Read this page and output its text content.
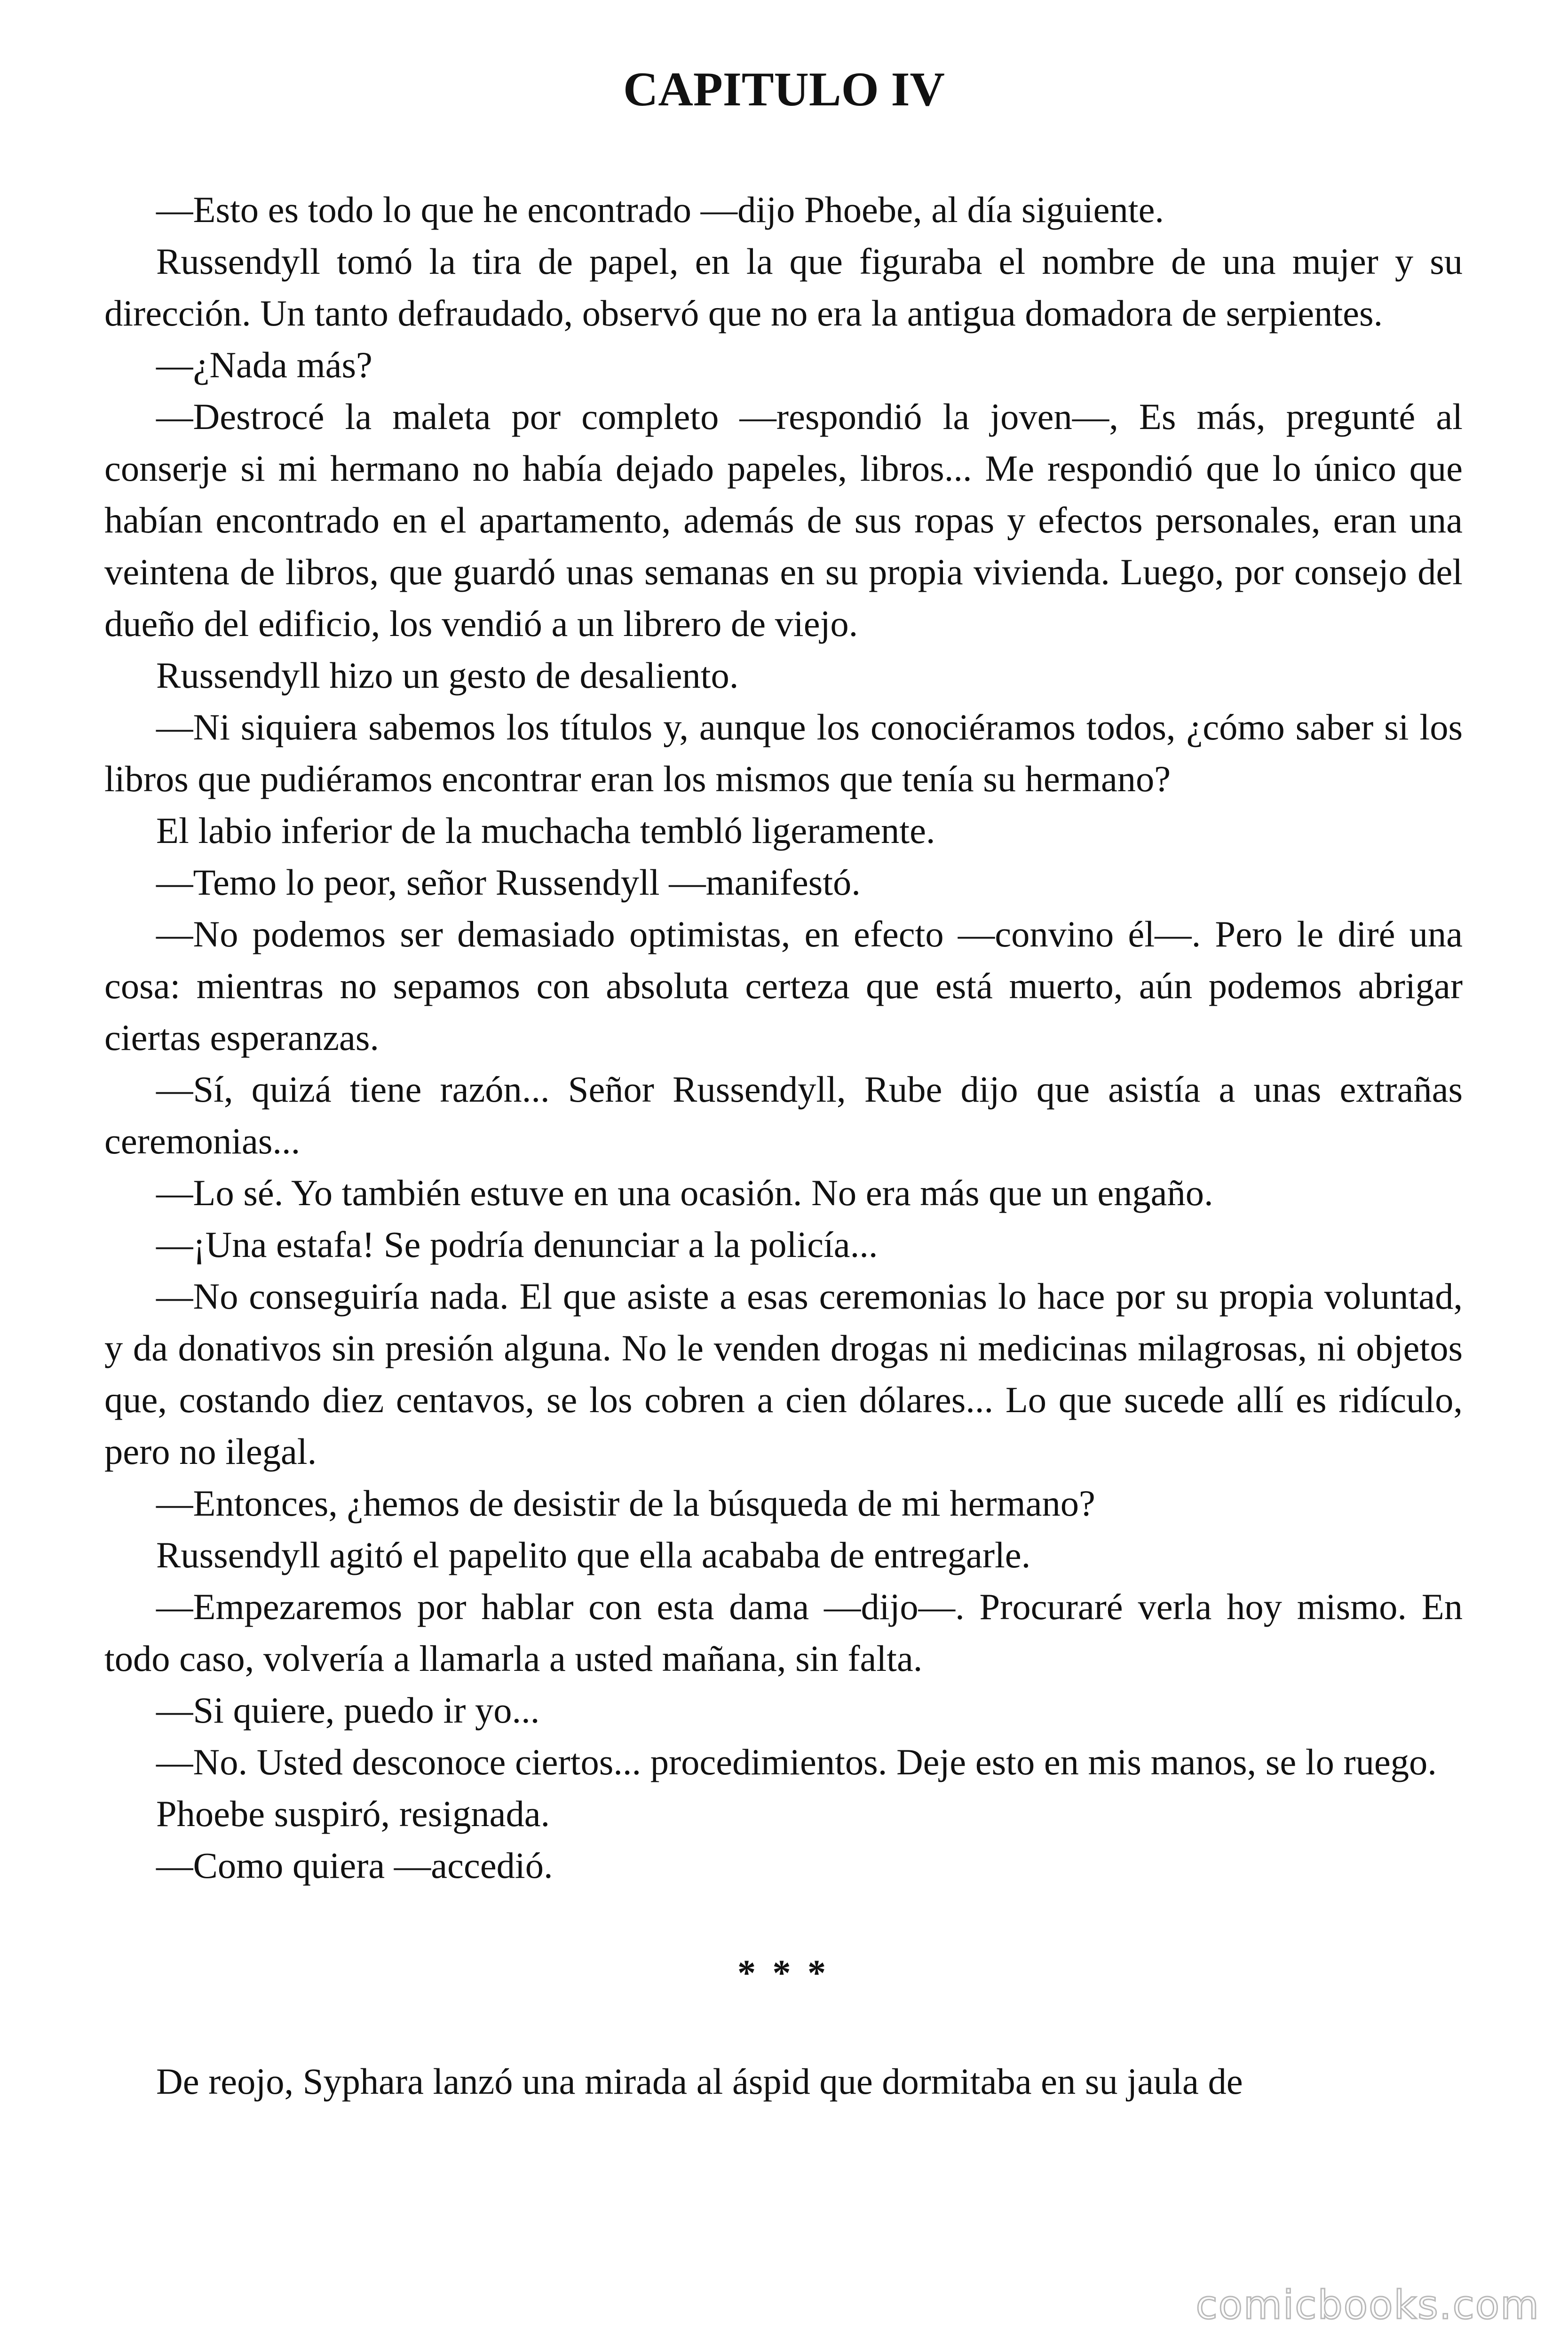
CAPITULO IV

—Esto es todo lo que he encontrado —dijo Phoebe, al día siguiente.

Russendyll tomó la tira de papel, en la que figuraba el nombre de una mujer y su dirección. Un tanto defraudado, observó que no era la antigua domadora de serpientes.

—¿Nada más?

—Destrocé la maleta por completo —respondió la joven—, Es más, pregunté al conserje si mi hermano no había dejado papeles, libros... Me respondió que lo único que habían encontrado en el apartamento, además de sus ropas y efectos personales, eran una veintena de libros, que guardó unas semanas en su propia vivienda. Luego, por consejo del dueño del edificio, los vendió a un librero de viejo.

Russendyll hizo un gesto de desaliento.

—Ni siquiera sabemos los títulos y, aunque los conociéramos todos, ¿cómo saber si los libros que pudiéramos encontrar eran los mismos que tenía su hermano?

El labio inferior de la muchacha tembló ligeramente.

—Temo lo peor, señor Russendyll —manifestó.

—No podemos ser demasiado optimistas, en efecto —convino él—. Pero le diré una cosa: mientras no sepamos con absoluta certeza que está muerto, aún podemos abrigar ciertas esperanzas.

—Sí, quizá tiene razón... Señor Russendyll, Rube dijo que asistía a unas extrañas ceremonias...

—Lo sé. Yo también estuve en una ocasión. No era más que un engaño.

—¡Una estafa! Se podría denunciar a la policía...

—No conseguiría nada. El que asiste a esas ceremonias lo hace por su propia voluntad, y da donativos sin presión alguna. No le venden drogas ni medicinas milagrosas, ni objetos que, costando diez centavos, se los cobren a cien dólares... Lo que sucede allí es ridículo, pero no ilegal.

—Entonces, ¿hemos de desistir de la búsqueda de mi hermano?

Russendyll agitó el papelito que ella acababa de entregarle.

—Empezaremos por hablar con esta dama —dijo—. Procuraré verla hoy mismo. En todo caso, volvería a llamarla a usted mañana, sin falta.

—Si quiere, puedo ir yo...

—No. Usted desconoce ciertos... procedimientos. Deje esto en mis manos, se lo ruego.

Phoebe suspiró, resignada.

—Como quiera —accedió.

* * *

De reojo, Syphara lanzó una mirada al áspid que dormitaba en su jaula de

comicbooks.com
